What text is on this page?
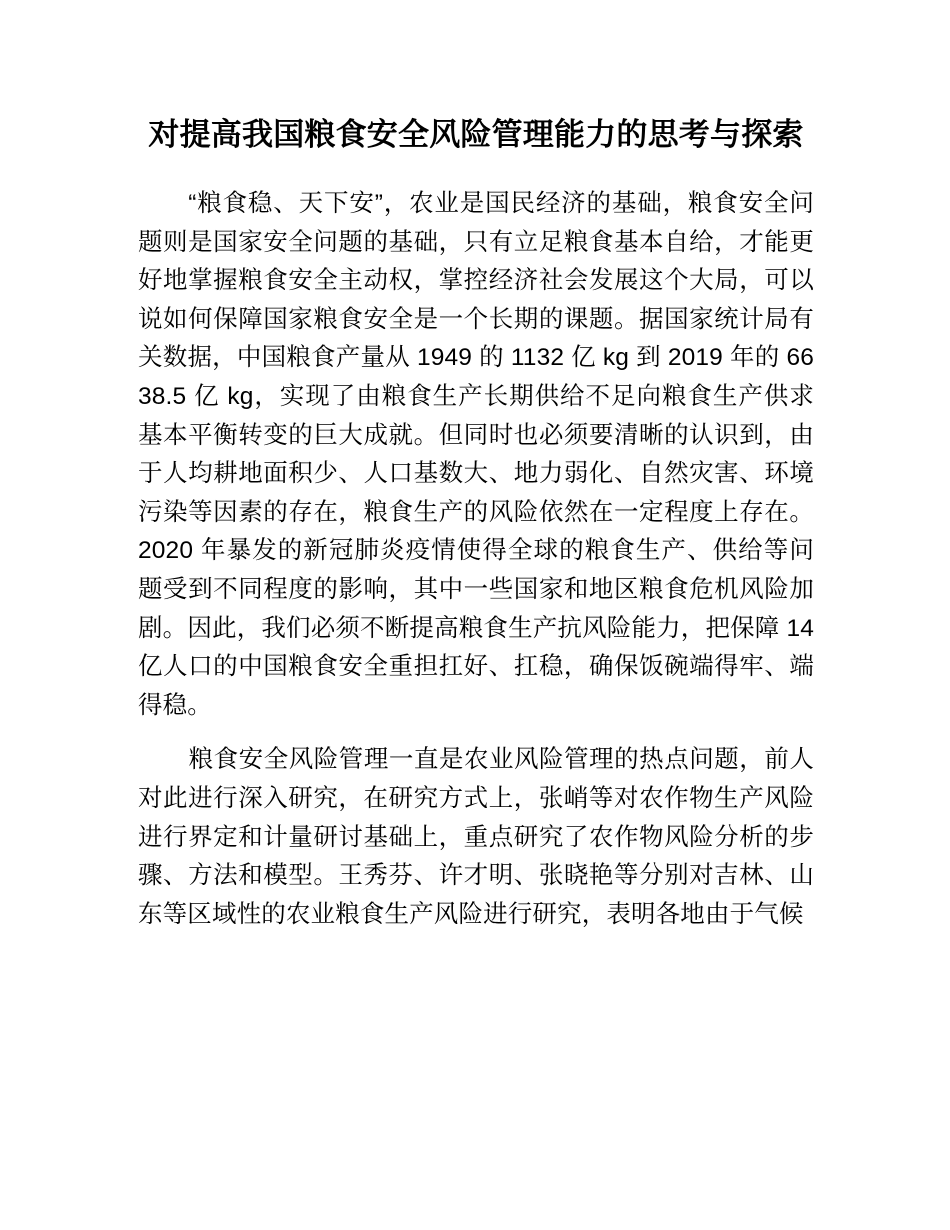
对提高我国粮食安全风险管理能力的思考与探索

“粮食稳、天下安”，农业是国民经济的基础，粮食安全问题则是国家安全问题的基础，只有立足粮食基本自给，才能更好地掌握粮食安全主动权，掌控经济社会发展这个大局，可以说如何保障国家粮食安全是一个长期的课题。据国家统计局有关数据，中国粮食产量从 1949 的 1132 亿 kg 到 2019 年的 6638.5 亿 kg，实现了由粮食生产长期供给不足向粮食生产供求基本平衡转变的巨大成就。但同时也必须要清晰的认识到，由于人均耕地面积少、人口基数大、地力弱化、自然灾害、环境污染等因素的存在，粮食生产的风险依然在一定程度上存在。2020 年暴发的新冠肺炎疫情使得全球的粮食生产、供给等问题受到不同程度的影响，其中一些国家和地区粮食危机风险加剧。因此，我们必须不断提高粮食生产抗风险能力，把保障 14 亿人口的中国粮食安全重担扛好、扛稳，确保饭碗端得牢、端得稳。

粮食安全风险管理一直是农业风险管理的热点问题，前人对此进行深入研究，在研究方式上，张峭等对农作物生产风险进行界定和计量研讨基础上，重点研究了农作物风险分析的步骤、方法和模型。王秀芬、许才明、张晓艳等分别对吉林、山东等区域性的农业粮食生产风险进行研究，表明各地由于气候
